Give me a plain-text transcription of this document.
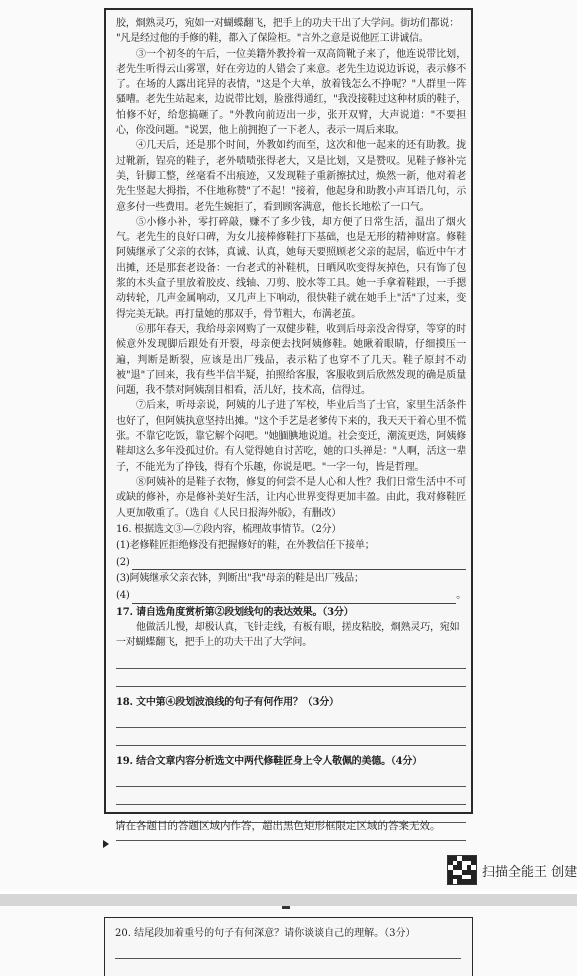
胶，烱熟灵巧，宛如一对蝴蝶翻飞，把手上的功夫干出了大学问。街坊们都说：
"凡是经过他的手修的鞋，都入了保险柜。"言外之意是说他匠工讲诚信。
③一个初冬的午后，一位美籍外教拎着一双高筒靴子来了，他连说带比划，老先生听得云山雾罩，好在旁边的人错会了来意。老先生边说边诉说，表示修不了。在场的人露出诧异的表情，"这是个大单，放着钱怎么不挣呢？"人群里一阵骚嘈。老先生站起来，边说带比划，脸涨得通红，"我没接鞋过这种材质的鞋子，怕修不好，给您搞砸了。"外教向前迈出一步，张开双臂，大声说道："不要担心，你没问题。"说罢，他上前拥抱了一下老人，表示一周后来取。
④几天后，还是那个时间，外教如约而至，这次和他一起来的还有助教。拢过靴新，锃亮的鞋子，老外啧啧张得老大，又是比划，又是赞叹。见鞋子修补完美，针脚工整，丝毫看不出痕迹，又发现鞋子重新擦拭过，焕然一新，他对着老先生竖起大拇指，不住地称赞"了不起！"接着，他起身和助教小声耳语几句，示意多付一些费用。老先生婉拒了，看到顾客满意，他长长地松了一口气。
⑤小修小补，零打碎敲，赚不了多少钱，却方便了日常生活，温出了烟火气。老先生的良好口碑，为女儿接棒修鞋打下基础，也是无形的精神财富。修鞋阿姨继承了父亲的衣钵，真诚、认真，她每天要照顾老父亲的起居，临近中午才出摊，还是那套老设备：一台老式的补鞋机，日晒风吹变得灰掉色，只有饰了包浆的木头盒子里放着胶皮、线轴、刀剪、胶水等工具。她一手拿着鞋跟，一手摁动转轮，几声金属响动，又几声上下响动，很快鞋子就在她手上"活"了过来，变得完美无缺。再打量她的那双手，骨节粗大，布满老茧。
⑥那年春天，我给母亲网购了一双健步鞋，收到后母亲没舍得穿，等穿的时候意外发现脚后跟处有开裂，母亲便去找阿姨修鞋。她瞅着眼睛，仔细摸压一遍，判断是断裂，应该是出厂残品，表示粘了也穿不了几天。鞋子原封不动被"退"了回来，我有些半信半疑，拍照给客服，客服收到后欣然发现的确是质量问题，我不禁对阿姨刮目相看，活儿好，技术高，信得过。
⑦后来，听母亲说，阿姨的儿子进了军校，毕业后当了士官，家里生活条件也好了，但阿姨执意坚持出摊。"这个手艺是老爹传下来的，我天天干着心里不慌张。不靠它吃饭，靠它解个闷吧。"她腼腆地说道。社会变迁，潮流更迭，阿姨修鞋却这么多年没孤过价。有人觉得她自讨苦吃，她的口头禅是："人啊，活这一辈子，不能光为了挣钱，得有个乐趣，你说是吧。"一字一句，皆是哲理。
⑧阿姨补的是鞋子衣物，修复的何尝不是人心和人性？我们日常生活中不可或缺的修补，亦是修补美好生活，让内心世界变得更加丰盈。由此，我对修鞋匠人更加敬重了。（选自《人民日报海外版》，有删改）
16. 根据选文③—⑦段内容，梳理故事情节。（2分）
(1)老修鞋匠拒绝修没有把握修好的鞋，在外教信任下接单；
(2)
(3)阿姨继承父亲衣钵，判断出"我"母亲的鞋是出厂残品；
(4)	。
17. 请自选角度赏析第②段划线句的表达效果。（3分）
他做活儿慢，却极认真，飞针走线，有板有眼，搓皮粘胶，烱熟灵巧，宛如一对蝴蝶翻飞，把手上的功夫干出了大学问。
18. 文中第④段划波浪线的句子有何作用？（3分）
19. 结合文章内容分析选文中两代修鞋匠身上令人敬佩的美德。（4分）
请在各题目的答题区域内作答，超出黑色矩形框限定区域的答案无效。
扫描全能王 创建
20. 结尾段加着重号的句子有何深意？请你谈谈自己的理解。（3分）
